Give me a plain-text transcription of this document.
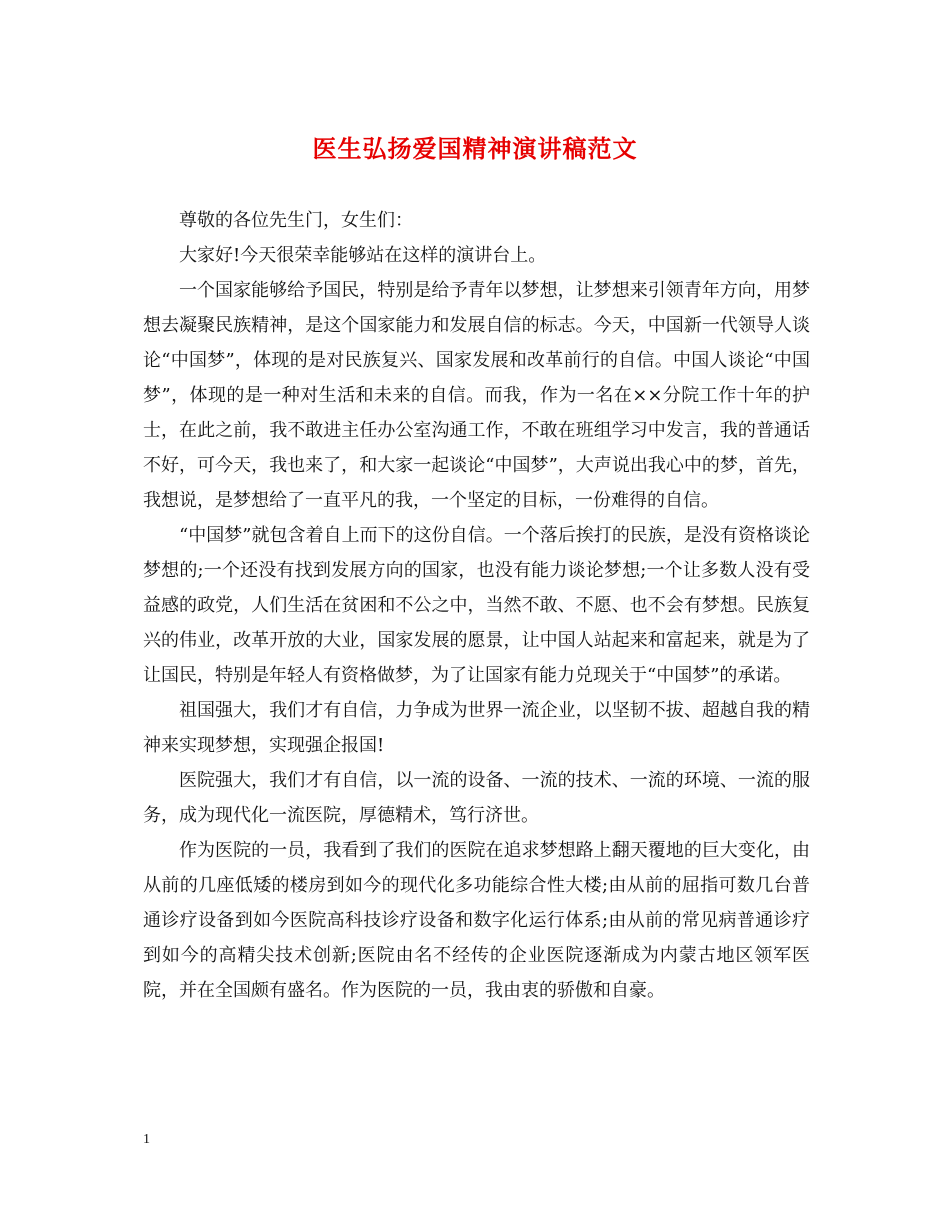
医生弘扬爱国精神演讲稿范文

尊敬的各位先生门，女生们：

大家好!今天很荣幸能够站在这样的演讲台上。

一个国家能够给予国民，特别是给予青年以梦想，让梦想来引领青年方向，用梦想去凝聚民族精神，是这个国家能力和发展自信的标志。今天，中国新一代领导人谈论“中国梦”，体现的是对民族复兴、国家发展和改革前行的自信。中国人谈论“中国梦”，体现的是一种对生活和未来的自信。而我，作为一名在××分院工作十年的护士，在此之前，我不敢进主任办公室沟通工作，不敢在班组学习中发言，我的普通话不好，可今天，我也来了，和大家一起谈论“中国梦”，大声说出我心中的梦，首先，我想说，是梦想给了一直平凡的我，一个坚定的目标，一份难得的自信。

“中国梦”就包含着自上而下的这份自信。一个落后挨打的民族，是没有资格谈论梦想的;一个还没有找到发展方向的国家，也没有能力谈论梦想;一个让多数人没有受益感的政党，人们生活在贫困和不公之中，当然不敢、不愿、也不会有梦想。民族复兴的伟业，改革开放的大业，国家发展的愿景，让中国人站起来和富起来，就是为了让国民，特别是年轻人有资格做梦，为了让国家有能力兑现关于“中国梦”的承诺。

祖国强大，我们才有自信，力争成为世界一流企业，以坚韧不拔、超越自我的精神来实现梦想，实现强企报国!

医院强大，我们才有自信，以一流的设备、一流的技术、一流的环境、一流的服务，成为现代化一流医院，厚德精术，笃行济世。

作为医院的一员，我看到了我们的医院在追求梦想路上翻天覆地的巨大变化，由从前的几座低矮的楼房到如今的现代化多功能综合性大楼;由从前的屈指可数几台普通诊疗设备到如今医院高科技诊疗设备和数字化运行体系;由从前的常见病普通诊疗到如今的高精尖技术创新;医院由名不经传的企业医院逐渐成为内蒙古地区领军医院，并在全国颇有盛名。作为医院的一员，我由衷的骄傲和自豪。

1
